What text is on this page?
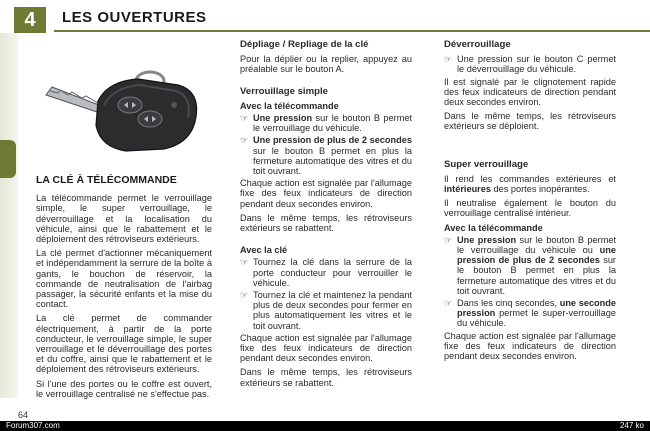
4	LES OUVERTURES
LA CLÉ À TÉLÉCOMMANDE

La télécommande permet le verrouillage simple, le super verrouillage, le déverrouillage et la localisation du véhicule, ainsi que le rabattement et le déploiement des rétroviseurs extérieurs.

La clé permet d'actionner mécaniquement et indépendamment la serrure de la boîte à gants, le bouchon de réservoir, la commande de neutralisation de l'airbag passager, la sécurité enfants et la mise du contact.

La clé permet de commander électriquement, à partir de la porte conducteur, le verrouillage simple, le super verrouillage et le déverrouillage des portes et du coffre, ainsi que le rabattement et le déploiement des rétroviseurs extérieurs.

Si l'une des portes ou le coffre est ouvert, le verrouillage centralisé ne s'effectue pas.

Dépliage / Repliage de la clé

Pour la déplier ou la replier, appuyez au préalable sur le bouton A.

Verrouillage simple
Avec la télécommande
☞ Une pression sur le bouton B permet le verrouillage du véhicule.
☞ Une pression de plus de 2 secondes sur le bouton B permet en plus la fermeture automatique des vitres et du toit ouvrant.

Chaque action est signalée par l'allumage fixe des feux indicateurs de direction pendant deux secondes environ.

Dans le même temps, les rétroviseurs extérieurs se rabattent.

Avec la clé
☞ Tournez la clé dans la serrure de la porte conducteur pour verrouiller le véhicule.
☞ Tournez la clé et maintenez la pendant plus de deux secondes pour fermer en plus automatiquement les vitres et le toit ouvrant.

Chaque action est signalée par l'allumage fixe des feux indicateurs de direction pendant deux secondes environ.

Dans le même temps, les rétroviseurs extérieurs se rabattent.

Déverrouillage
☞ Une pression sur le bouton C permet le déverrouillage du véhicule.

Il est signalé par le clignotement rapide des feux indicateurs de direction pendant deux secondes environ.

Dans le même temps, les rétroviseurs extérieurs se déploient.

Super verrouillage

Il rend les commandes extérieures et intérieures des portes inopérantes.

Il neutralise également le bouton du verrouillage centralisé intérieur.

Avec la télécommande
☞ Une pression sur le bouton B permet le verrouillage du véhicule ou une pression de plus de 2 secondes sur le bouton B permet en plus la fermeture automatique des vitres et du toit ouvrant.
☞ Dans les cinq secondes, une seconde pression permet le super-verrouillage du véhicule.

Chaque action est signalée par l'allumage fixe des feux indicateurs de direction pendant deux secondes environ.

64
Forum307.com	247 ko
